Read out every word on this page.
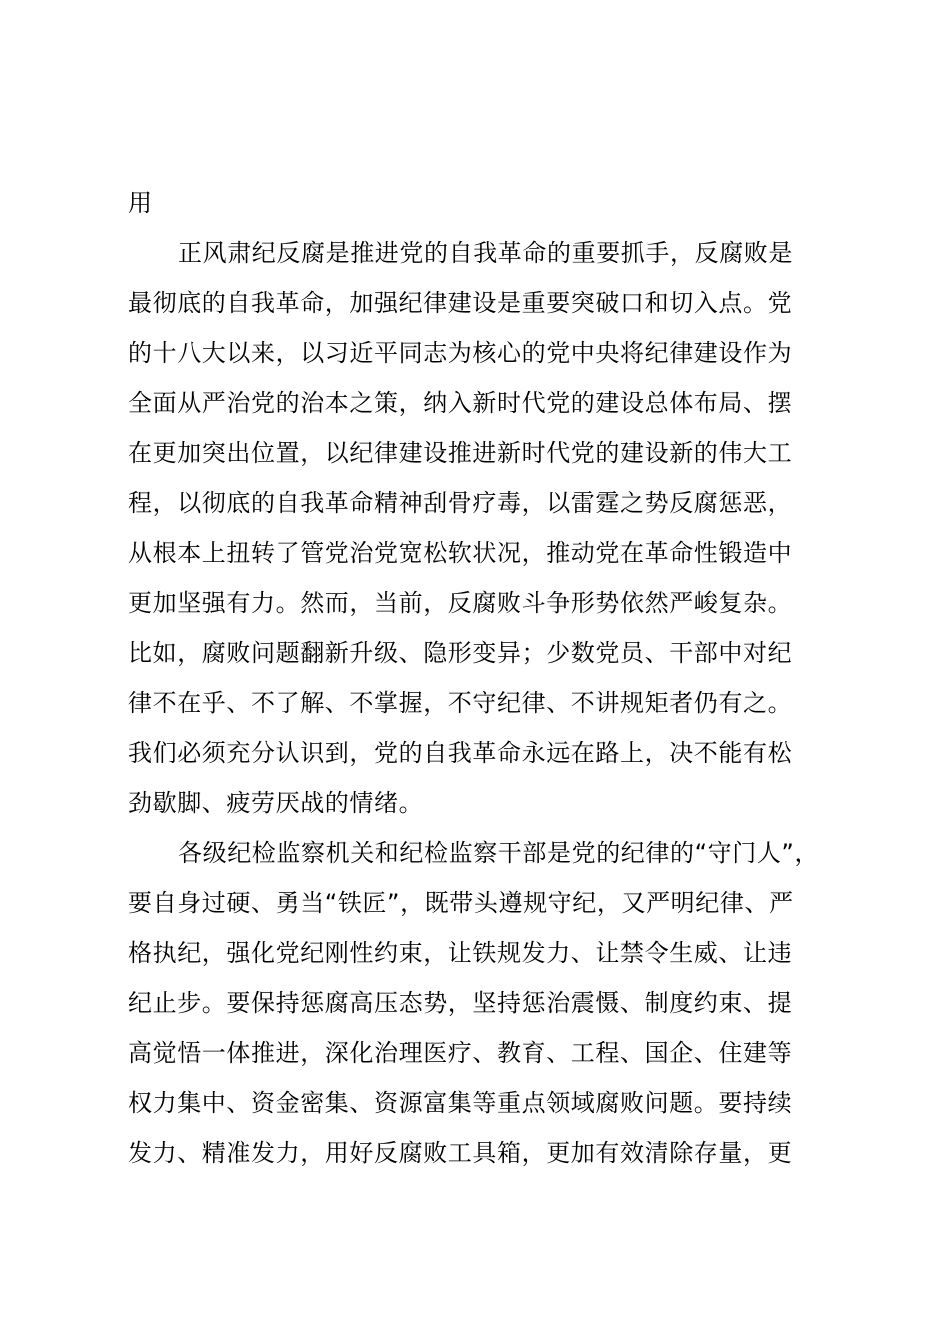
用
正风肃纪反腐是推进党的自我革命的重要抓手，反腐败是
最彻底的自我革命，加强纪律建设是重要突破口和切入点。党
的十八大以来，以习近平同志为核心的党中央将纪律建设作为
全面从严治党的治本之策，纳入新时代党的建设总体布局、摆
在更加突出位置，以纪律建设推进新时代党的建设新的伟大工
程，以彻底的自我革命精神刮骨疗毒，以雷霆之势反腐惩恶，
从根本上扭转了管党治党宽松软状况，推动党在革命性锻造中
更加坚强有力。然而，当前，反腐败斗争形势依然严峻复杂。
比如，腐败问题翻新升级、隐形变异；少数党员、干部中对纪
律不在乎、不了解、不掌握，不守纪律、不讲规矩者仍有之。
我们必须充分认识到，党的自我革命永远在路上，决不能有松
劲歇脚、疲劳厌战的情绪。
各级纪检监察机关和纪检监察干部是党的纪律的“守门人”，
要自身过硬、勇当“铁匠”，既带头遵规守纪，又严明纪律、严
格执纪，强化党纪刚性约束，让铁规发力、让禁令生威、让违
纪止步。要保持惩腐高压态势，坚持惩治震慑、制度约束、提
高觉悟一体推进，深化治理医疗、教育、工程、国企、住建等
权力集中、资金密集、资源富集等重点领域腐败问题。要持续
发力、精准发力，用好反腐败工具箱，更加有效清除存量，更
